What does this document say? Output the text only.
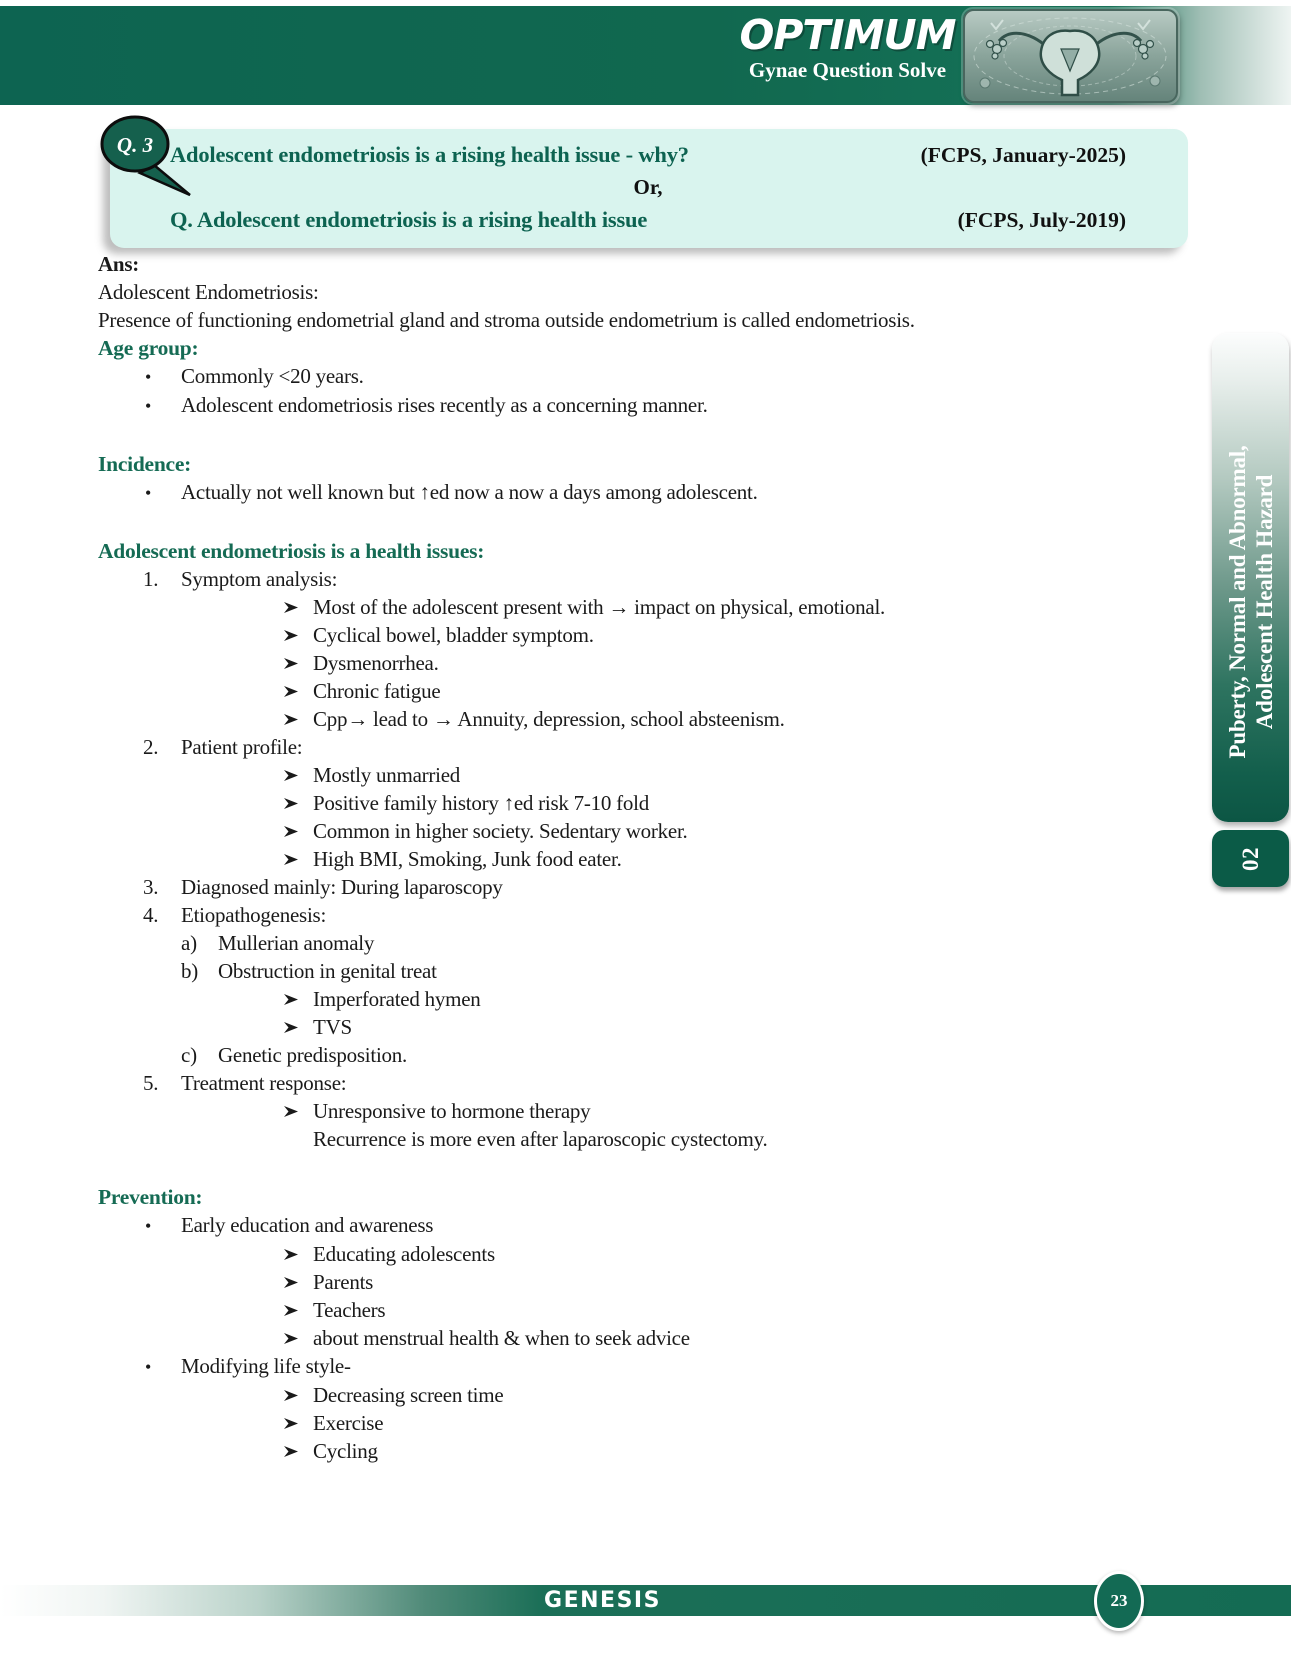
OPTIMUM
Gynae Question Solve
Q. 3 Adolescent endometriosis is a rising health issue - why?	(FCPS, January-2025)
Or,
Q. Adolescent endometriosis is a rising health issue	(FCPS, July-2019)
Ans:
Adolescent Endometriosis:
Presence of functioning endometrial gland and stroma outside endometrium is called endometriosis.
Age group:
•	Commonly <20 years.
•	Adolescent endometriosis rises recently as a concerning manner.
Incidence:
•	Actually not well known but ↑ed now a now a days among adolescent.
Adolescent endometriosis is a health issues:
1.	Symptom analysis:
Most of the adolescent present with → impact on physical, emotional.
Cyclical bowel, bladder symptom.
Dysmenorrhea.
Chronic fatigue
Cpp→ lead to → Annuity, depression, school absteenism.
2.	Patient profile:
Mostly unmarried
Positive family history ↑ed risk 7-10 fold
Common in higher society. Sedentary worker.
High BMI, Smoking, Junk food eater.
3.	Diagnosed mainly: During laparoscopy
4.	Etiopathogenesis:
a)	Mullerian anomaly
b) Obstruction in genital treat
Imperforated hymen
TVS
c)	Genetic predisposition.
5.	Treatment response:
Unresponsive to hormone therapy
Recurrence is more even after laparoscopic cystectomy.
Prevention:
•	Early education and awareness
Educating adolescents
Parents
Teachers
about menstrual health & when to seek advice
•	Modifying life style-
Decreasing screen time
Exercise
Cycling
Puberty, Normal and Abnormal, Adolescent Health Hazard
02
GENESIS	23
